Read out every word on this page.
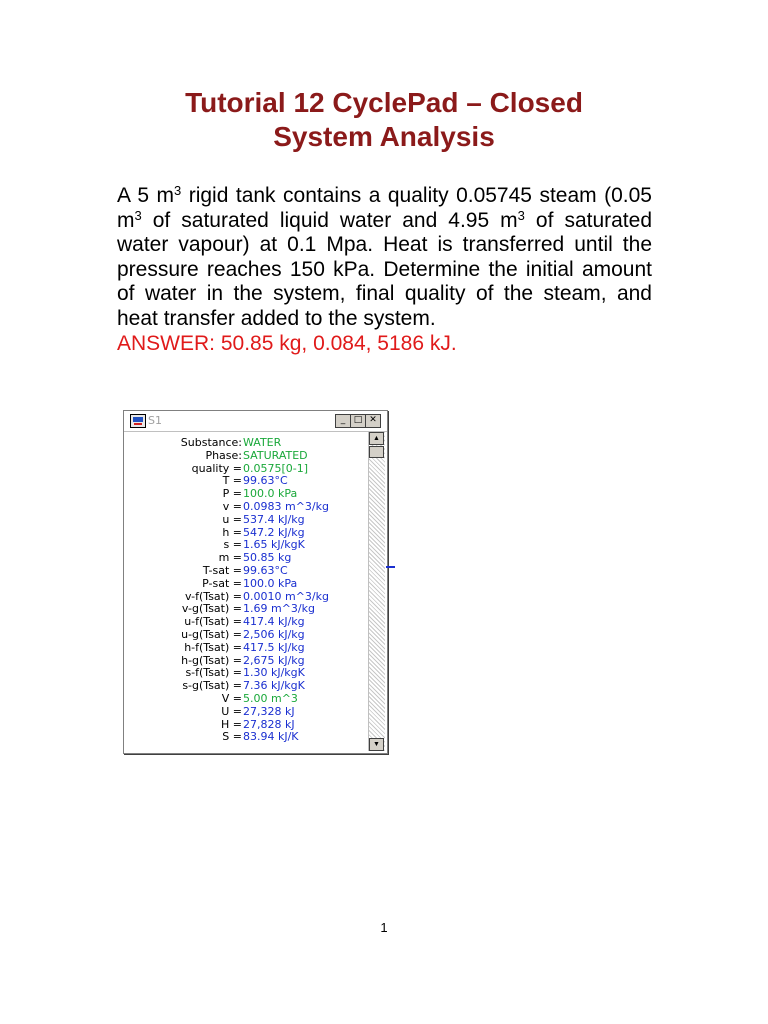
Tutorial 12 CyclePad – Closed
System Analysis
A 5 $m^3$ rigid tank contains a quality 0.05745 steam (0.05 $m^3$ of saturated liquid water and 4.95 $m^3$ of saturated water vapour) at 0.1 Mpa. Heat is transferred until the pressure reaches 150 kPa. Determine the initial amount of water in the system, final quality of the steam, and heat transfer added to the system.
ANSWER: 50.85 kg, 0.084, 5186 kJ.
S1	_ □ ✕
Substance: WATER
Phase: SATURATED
quality = 0.0575[0-1]
T = 99.63°C
P = 100.0 kPa
v = 0.0983 m^3/kg
u = 537.4 kJ/kg
h = 547.2 kJ/kg
s = 1.65 kJ/kgK
m = 50.85 kg
T-sat = 99.63°C
P-sat = 100.0 kPa
v-f(Tsat) = 0.0010 m^3/kg
v-g(Tsat) = 1.69 m^3/kg
u-f(Tsat) = 417.4 kJ/kg
u-g(Tsat) = 2,506 kJ/kg
h-f(Tsat) = 417.5 kJ/kg
h-g(Tsat) = 2,675 kJ/kg
s-f(Tsat) = 1.30 kJ/kgK
s-g(Tsat) = 7.36 kJ/kgK
V = 5.00 m^3
U = 27,328 kJ
H = 27,828 kJ
S = 83.94 kJ/K
▲
▼
1
